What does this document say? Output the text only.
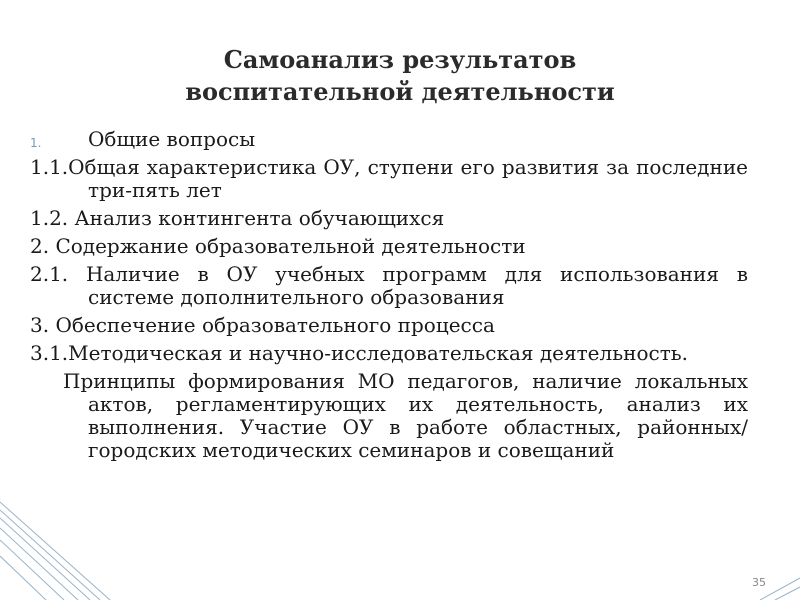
Самоанализ результатов
воспитательной деятельности
1. Общие вопросы
1.1.Общая характеристика ОУ, ступени его развития за последние три-пять лет
1.2. Анализ контингента обучающихся
2. Содержание образовательной деятельности
2.1. Наличие в ОУ учебных программ для использования в системе дополнительного образования
3. Обеспечение образовательного процесса
3.1.Методическая и научно-исследовательская деятельность.
Принципы формирования МО педагогов, наличие локальных актов, регламентирующих их деятельность, анализ их выполнения. Участие ОУ в работе областных, районных/городских методических семинаров и совещаний
35
